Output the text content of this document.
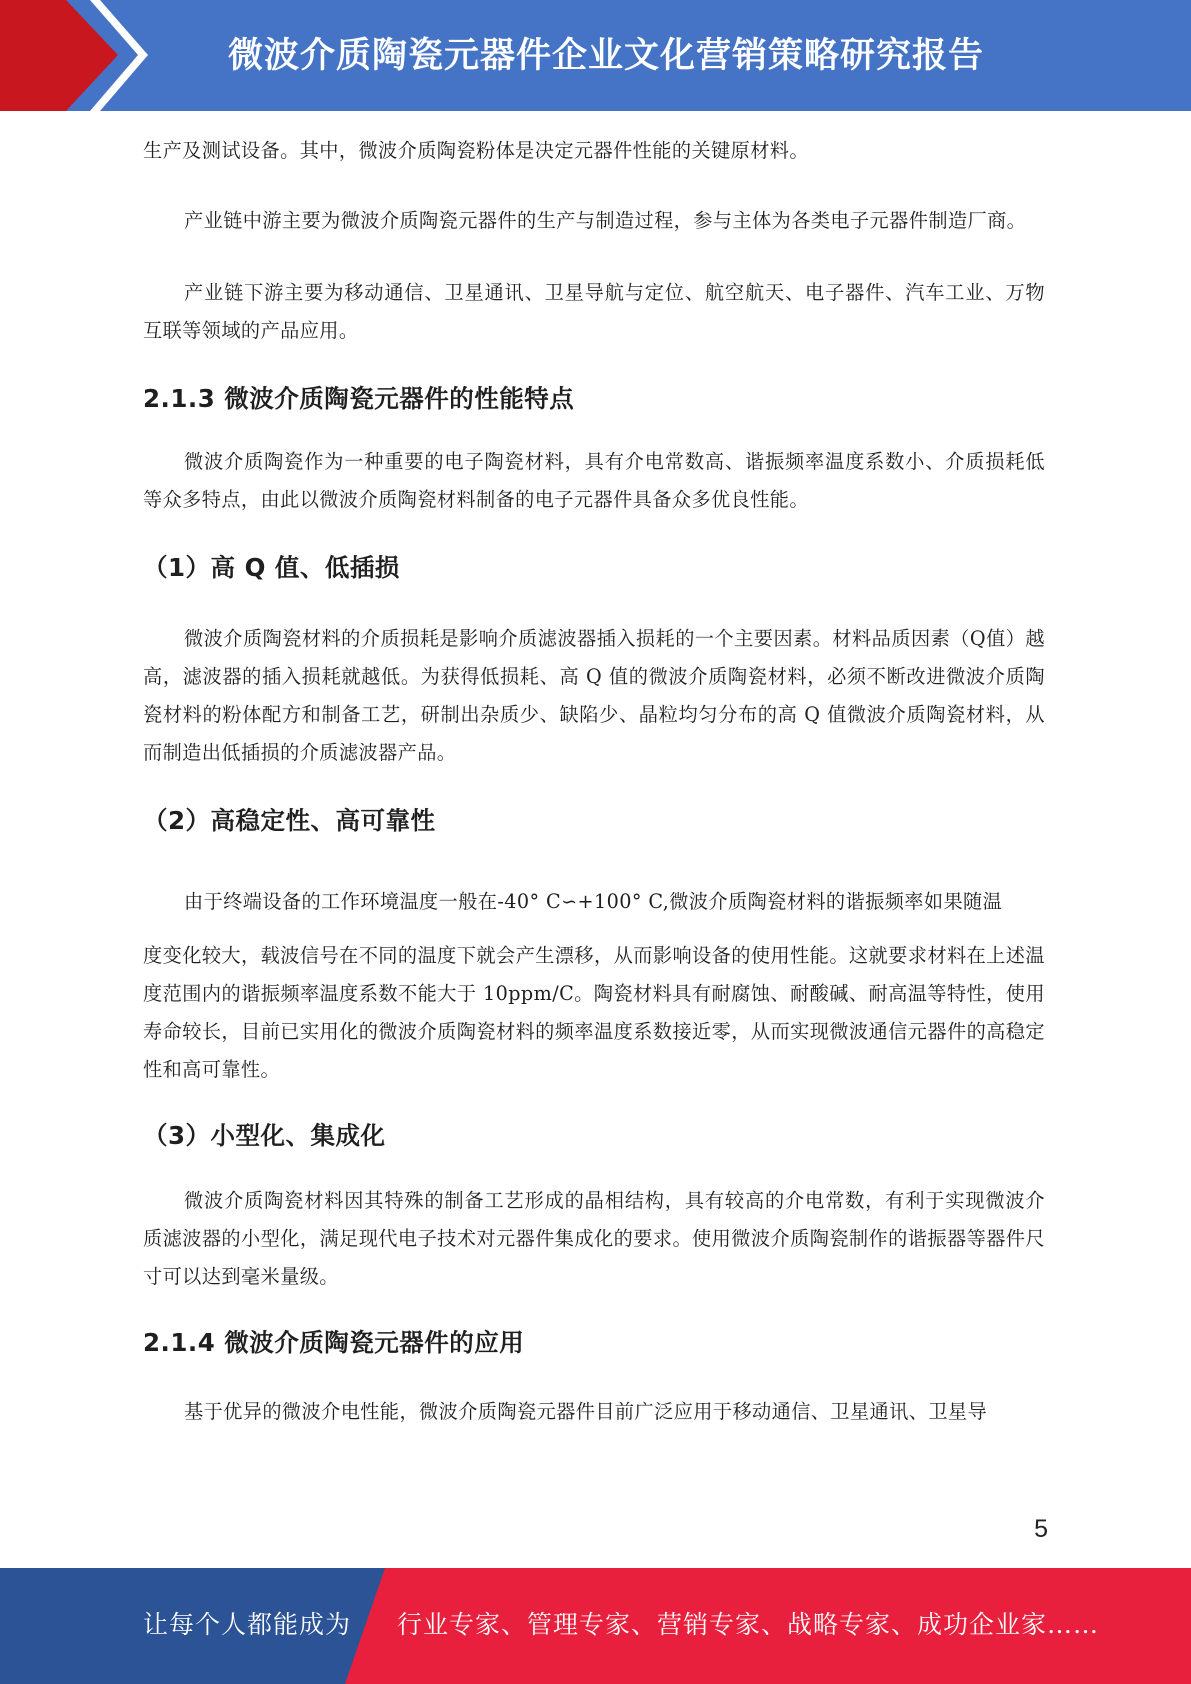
微波介质陶瓷元器件企业文化营销策略研究报告

生产及测试设备。其中，微波介质陶瓷粉体是决定元器件性能的关键原材料。

产业链中游主要为微波介质陶瓷元器件的生产与制造过程，参与主体为各类电子元器件制造厂商。

产业链下游主要为移动通信、卫星通讯、卫星导航与定位、航空航天、电子器件、汽车工业、万物互联等领域的产品应用。

2.1.3 微波介质陶瓷元器件的性能特点

微波介质陶瓷作为一种重要的电子陶瓷材料，具有介电常数高、谐振频率温度系数小、介质损耗低等众多特点，由此以微波介质陶瓷材料制备的电子元器件具备众多优良性能。

（1）高 Q 值、低插损

微波介质陶瓷材料的介质损耗是影响介质滤波器插入损耗的一个主要因素。材料品质因素（Q值）越高，滤波器的插入损耗就越低。为获得低损耗、高 Q 值的微波介质陶瓷材料，必须不断改进微波介质陶瓷材料的粉体配方和制备工艺，研制出杂质少、缺陷少、晶粒均匀分布的高 Q 值微波介质陶瓷材料，从而制造出低插损的介质滤波器产品。

（2）高稳定性、高可靠性

由于终端设备的工作环境温度一般在-40° C∽+100° C,微波介质陶瓷材料的谐振频率如果随温

度变化较大，载波信号在不同的温度下就会产生漂移，从而影响设备的使用性能。这就要求材料在上述温度范围内的谐振频率温度系数不能大于 10ppm/C。陶瓷材料具有耐腐蚀、耐酸碱、耐高温等特性，使用寿命较长，目前已实用化的微波介质陶瓷材料的频率温度系数接近零，从而实现微波通信元器件的高稳定性和高可靠性。

（3）小型化、集成化

微波介质陶瓷材料因其特殊的制备工艺形成的晶相结构，具有较高的介电常数，有利于实现微波介质滤波器的小型化，满足现代电子技术对元器件集成化的要求。使用微波介质陶瓷制作的谐振器等器件尺寸可以达到毫米量级。

2.1.4 微波介质陶瓷元器件的应用

基于优异的微波介电性能，微波介质陶瓷元器件目前广泛应用于移动通信、卫星通讯、卫星导

5
让每个人都能成为 行业专家、管理专家、营销专家、战略专家、成功企业家……
